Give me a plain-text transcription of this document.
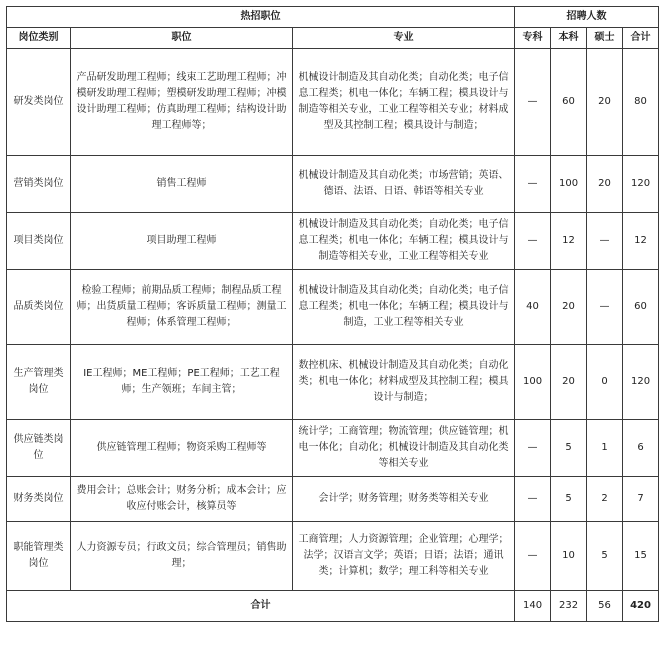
热招职位			招聘人数			
岗位类别	职位	专业	专科	本科	硕士	合计
研发类岗位	产品研发助理工程师；线束工艺助理工程师；冲模研发助理工程师；塑模研发助理工程师；冲模设计助理工程师；仿真助理工程师；结构设计助理工程师等；	机械设计制造及其自动化类；自动化类；电子信息工程类；机电一体化；车辆工程；模具设计与制造等相关专业，工业工程等相关专业；材料成型及其控制工程；模具设计与制造；	—	60	20	80
营销类岗位	销售工程师	机械设计制造及其自动化类；市场营销；英语、德语、法语、日语、韩语等相关专业	—	100	20	120
项目类岗位	项目助理工程师	机械设计制造及其自动化类；自动化类；电子信息工程类；机电一体化；车辆工程；模具设计与制造等相关专业，工业工程等相关专业	—	12	—	12
品质类岗位	检验工程师；前期品质工程师；制程品质工程师；出货质量工程师；客诉质量工程师；测量工程师；体系管理工程师；	机械设计制造及其自动化类；自动化类；电子信息工程类；机电一体化；车辆工程；模具设计与制造，工业工程等相关专业	40	20	—	60
生产管理类岗位	IE工程师；ME工程师；PE工程师；工艺工程师；生产领班；车间主管；	数控机床、机械设计制造及其自动化类；自动化类；机电一体化；材料成型及其控制工程；模具设计与制造；	100	20	0	120
供应链类岗位	供应链管理工程师；物资采购工程师等	统计学；工商管理；物流管理；供应链管理；机电一体化；自动化；机械设计制造及其自动化类等相关专业	—	5	1	6
财务类岗位	费用会计；总账会计；财务分析；成本会计；应收应付账会计，核算员等	会计学；财务管理；财务类等相关专业	—	5	2	7
职能管理类岗位	人力资源专员；行政文员；综合管理员；销售助理；	工商管理；人力资源管理；企业管理；心理学；法学；汉语言文学；英语；日语；法语；通讯类；计算机；数学；理工科等相关专业	—	10	5	15
合计			140	232	56	420
